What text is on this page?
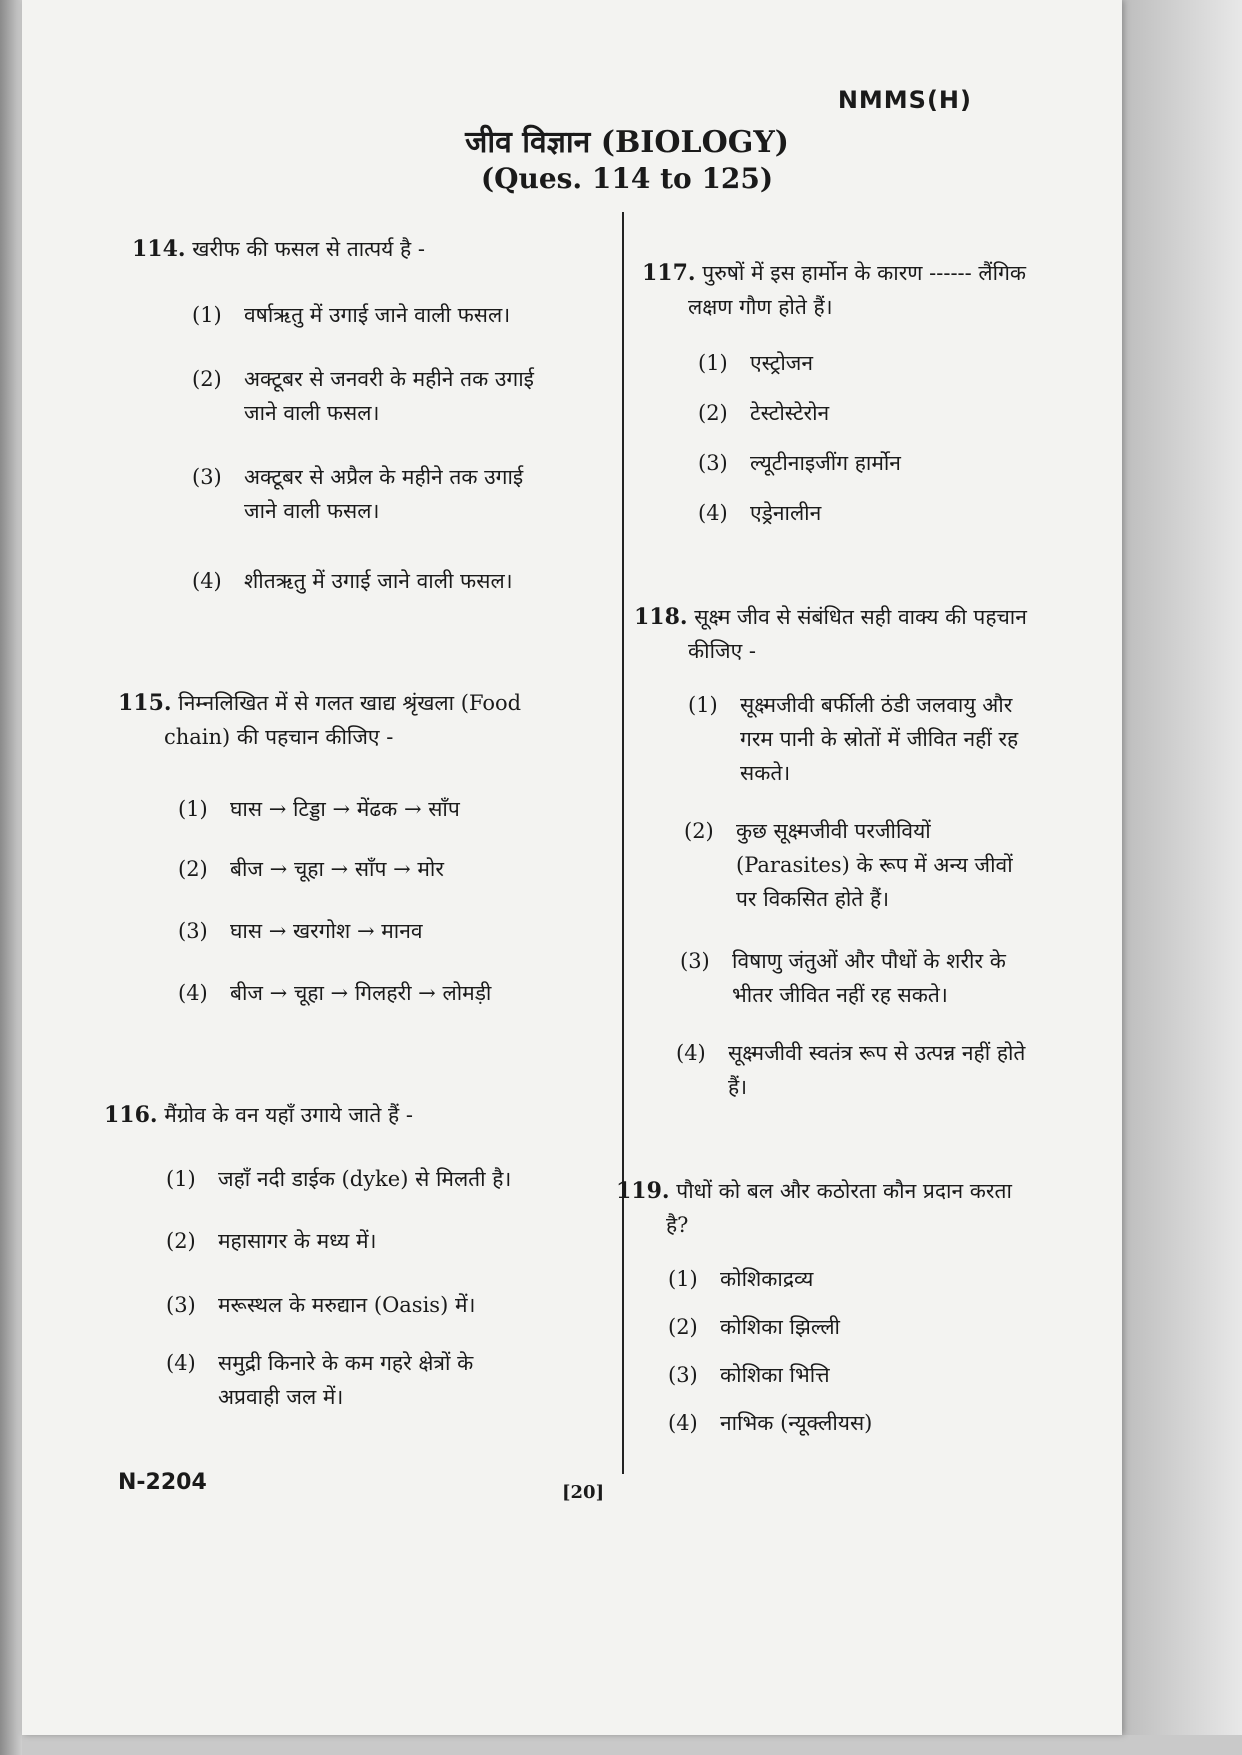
NMMS(H)
जीव विज्ञान (BIOLOGY)
(Ques. 114 to 125)
114. खरीफ की फसल से तात्पर्य है -
(1) वर्षाऋतु में उगाई जाने वाली फसल।
(2) अक्टूबर से जनवरी के महीने तक उगाई
जाने वाली फसल।
(3) अक्टूबर से अप्रैल के महीने तक उगाई
जाने वाली फसल।
(4) शीतऋतु में उगाई जाने वाली फसल।
115. निम्नलिखित में से गलत खाद्य श्रृंखला (Food
chain) की पहचान कीजिए -
(1) घास → टिड्डा → मेंढक → साँप
(2) बीज → चूहा → साँप → मोर
(3) घास → खरगोश → मानव
(4) बीज → चूहा → गिलहरी → लोमड़ी
116. मैंग्रोव के वन यहाँ उगाये जाते हैं -
(1) जहाँ नदी डाईक (dyke) से मिलती है।
(2) महासागर के मध्य में।
(3) मरूस्थल के मरुद्यान (Oasis) में।
(4) समुद्री किनारे के कम गहरे क्षेत्रों के
अप्रवाही जल में।
117. पुरुषों में इस हार्मोन के कारण ------ लैंगिक
लक्षण गौण होते हैं।
(1) एस्ट्रोजन
(2) टेस्टोस्टेरोन
(3) ल्यूटीनाइजींग हार्मोन
(4) एड्रेनालीन
118. सूक्ष्म जीव से संबंधित सही वाक्य की पहचान
कीजिए -
(1) सूक्ष्मजीवी बर्फीली ठंडी जलवायु और
गरम पानी के स्रोतों में जीवित नहीं रह
सकते।
(2) कुछ सूक्ष्मजीवी परजीवियों
(Parasites) के रूप में अन्य जीवों
पर विकसित होते हैं।
(3) विषाणु जंतुओं और पौधों के शरीर के
भीतर जीवित नहीं रह सकते।
(4) सूक्ष्मजीवी स्वतंत्र रूप से उत्पन्न नहीं होते
हैं।
119. पौधों को बल और कठोरता कौन प्रदान करता
है?
(1) कोशिकाद्रव्य
(2) कोशिका झिल्ली
(3) कोशिका भित्ति
(4) नाभिक (न्यूक्लीयस)
N-2204	[20]
